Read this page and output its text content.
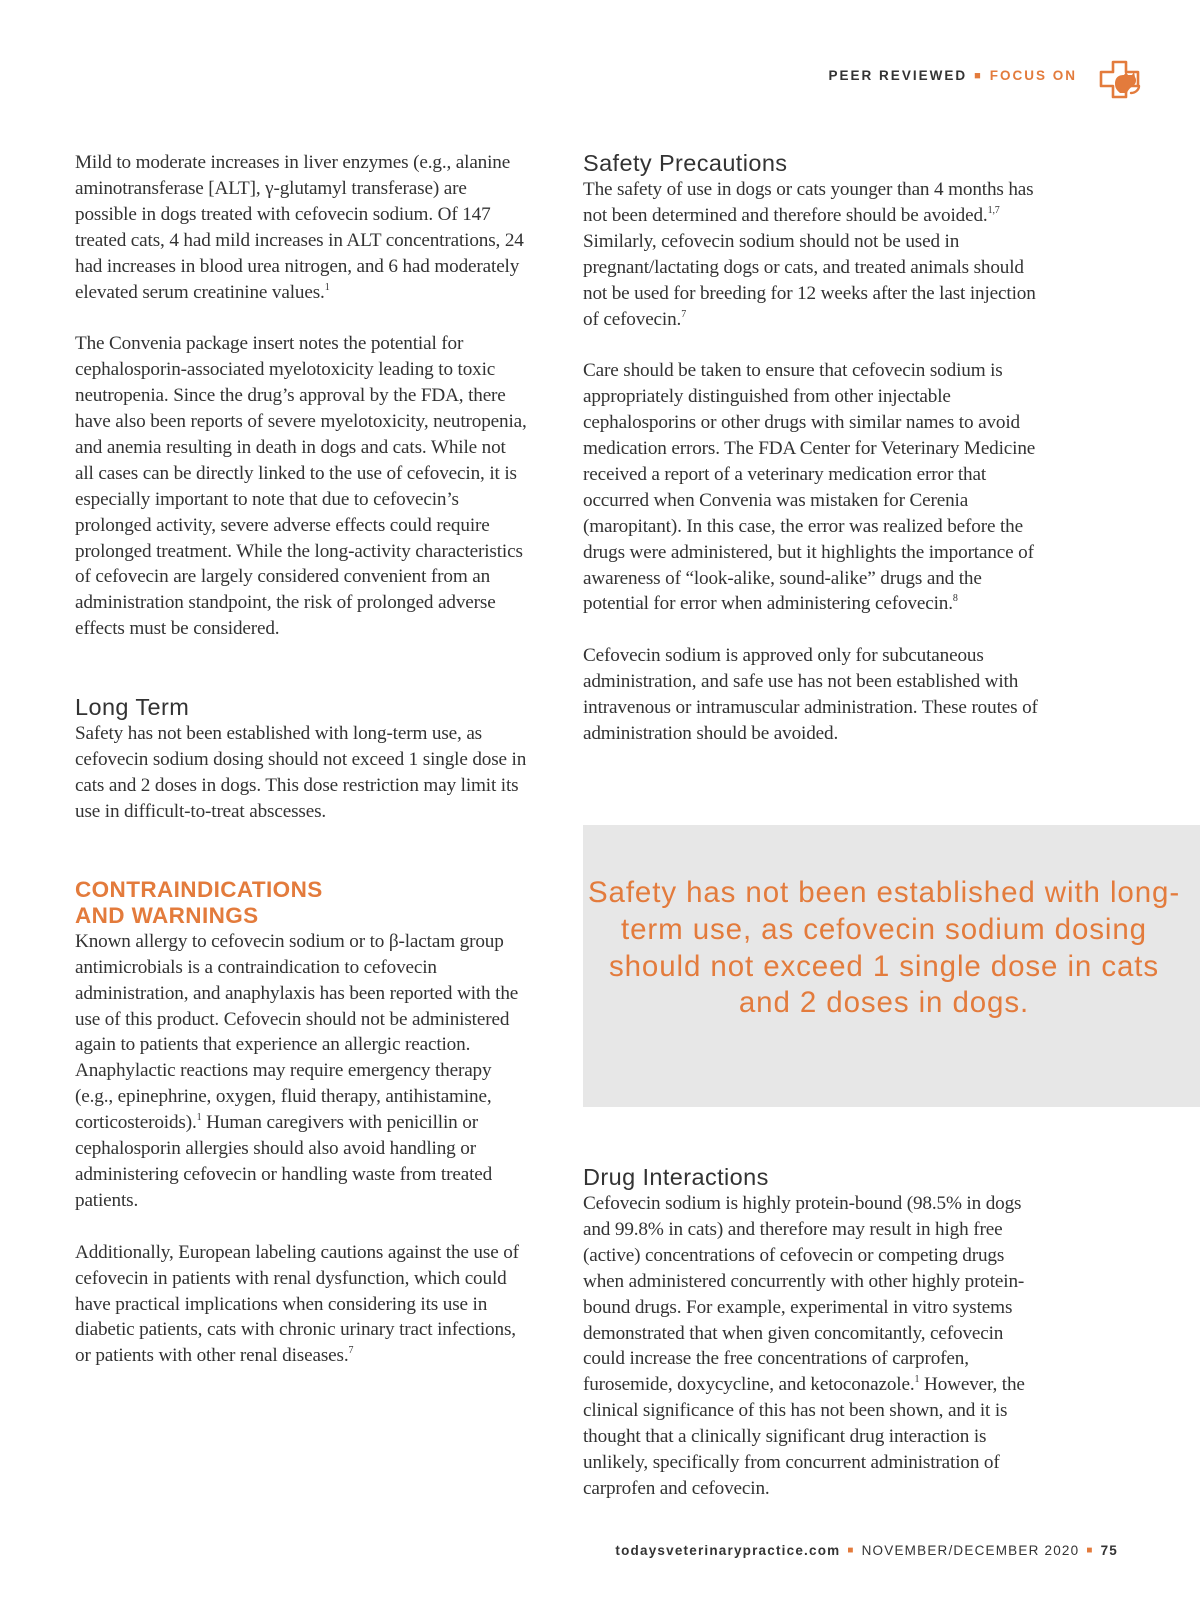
PEER REVIEWED ■ FOCUS ON

Mild to moderate increases in liver enzymes (e.g., alanine aminotransferase [ALT], γ-glutamyl transferase) are possible in dogs treated with cefovecin sodium. Of 147 treated cats, 4 had mild increases in ALT concentrations, 24 had increases in blood urea nitrogen, and 6 had moderately elevated serum creatinine values.$^1$

The Convenia package insert notes the potential for cephalosporin-associated myelotoxicity leading to toxic neutropenia. Since the drug’s approval by the FDA, there have also been reports of severe myelotoxicity, neutropenia, and anemia resulting in death in dogs and cats. While not all cases can be directly linked to the use of cefovecin, it is especially important to note that due to cefovecin’s prolonged activity, severe adverse effects could require prolonged treatment. While the long-activity characteristics of cefovecin are largely considered convenient from an administration standpoint, the risk of prolonged adverse effects must be considered.

Long Term

Safety has not been established with long-term use, as cefovecin sodium dosing should not exceed 1 single dose in cats and 2 doses in dogs. This dose restriction may limit its use in difficult-to-treat abscesses.

CONTRAINDICATIONS
AND WARNINGS

Known allergy to cefovecin sodium or to β-lactam group antimicrobials is a contraindication to cefovecin administration, and anaphylaxis has been reported with the use of this product. Cefovecin should not be administered again to patients that experience an allergic reaction. Anaphylactic reactions may require emergency therapy (e.g., epinephrine, oxygen, fluid therapy, antihistamine, corticosteroids).$^1$ Human caregivers with penicillin or cephalosporin allergies should also avoid handling or administering cefovecin or handling waste from treated patients.

Additionally, European labeling cautions against the use of cefovecin in patients with renal dysfunction, which could have practical implications when considering its use in diabetic patients, cats with chronic urinary tract infections, or patients with other renal diseases.$^7$

Safety Precautions

The safety of use in dogs or cats younger than 4 months has not been determined and therefore should be avoided.$^{1,7}$ Similarly, cefovecin sodium should not be used in pregnant/lactating dogs or cats, and treated animals should not be used for breeding for 12 weeks after the last injection of cefovecin.$^7$

Care should be taken to ensure that cefovecin sodium is appropriately distinguished from other injectable cephalosporins or other drugs with similar names to avoid medication errors. The FDA Center for Veterinary Medicine received a report of a veterinary medication error that occurred when Convenia was mistaken for Cerenia (maropitant). In this case, the error was realized before the drugs were administered, but it highlights the importance of awareness of “look-alike, sound-alike” drugs and the potential for error when administering cefovecin.$^8$

Cefovecin sodium is approved only for subcutaneous administration, and safe use has not been established with intravenous or intramuscular administration. These routes of administration should be avoided.

Safety has not been established with long-term use, as cefovecin sodium dosing should not exceed 1 single dose in cats and 2 doses in dogs.
Drug Interactions

Cefovecin sodium is highly protein-bound (98.5% in dogs and 99.8% in cats) and therefore may result in high free (active) concentrations of cefovecin or competing drugs when administered concurrently with other highly protein-bound drugs. For example, experimental in vitro systems demonstrated that when given concomitantly, cefovecin could increase the free concentrations of carprofen, furosemide, doxycycline, and ketoconazole.$^1$ However, the clinical significance of this has not been shown, and it is thought that a clinically significant drug interaction is unlikely, specifically from concurrent administration of carprofen and cefovecin.

todaysveterinarypractice.com ■ NOVEMBER/DECEMBER 2020 ■ 75
